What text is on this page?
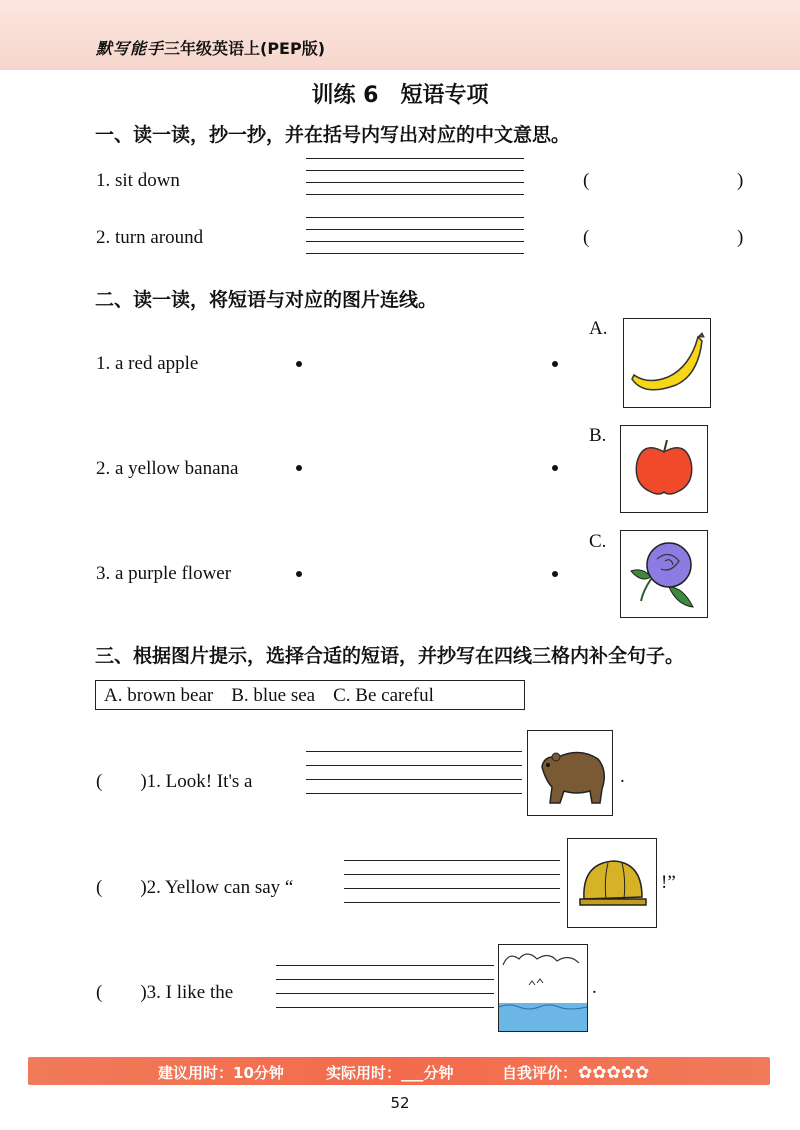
默写能手三年级英语上(PEP版)
训练 6　短语专项
一、读一读，抄一抄，并在括号内写出对应的中文意思。
1. sit down	(	)
2. turn around	(	)
二、读一读，将短语与对应的图片连线。
1. a red apple
2. a yellow banana
3. a purple flower
A.
B.
C.
三、根据图片提示，选择合适的短语，并抄写在四线三格内补全句子。
A. brown bear B. blue sea C. Be careful
(　　)1. Look! It's a	.
(　　)2. Yellow can say “	!”
(　　)3. I like the	.
建议用时：10分钟	实际用时：___分钟	自我评价：✿✿✿✿✿
52
